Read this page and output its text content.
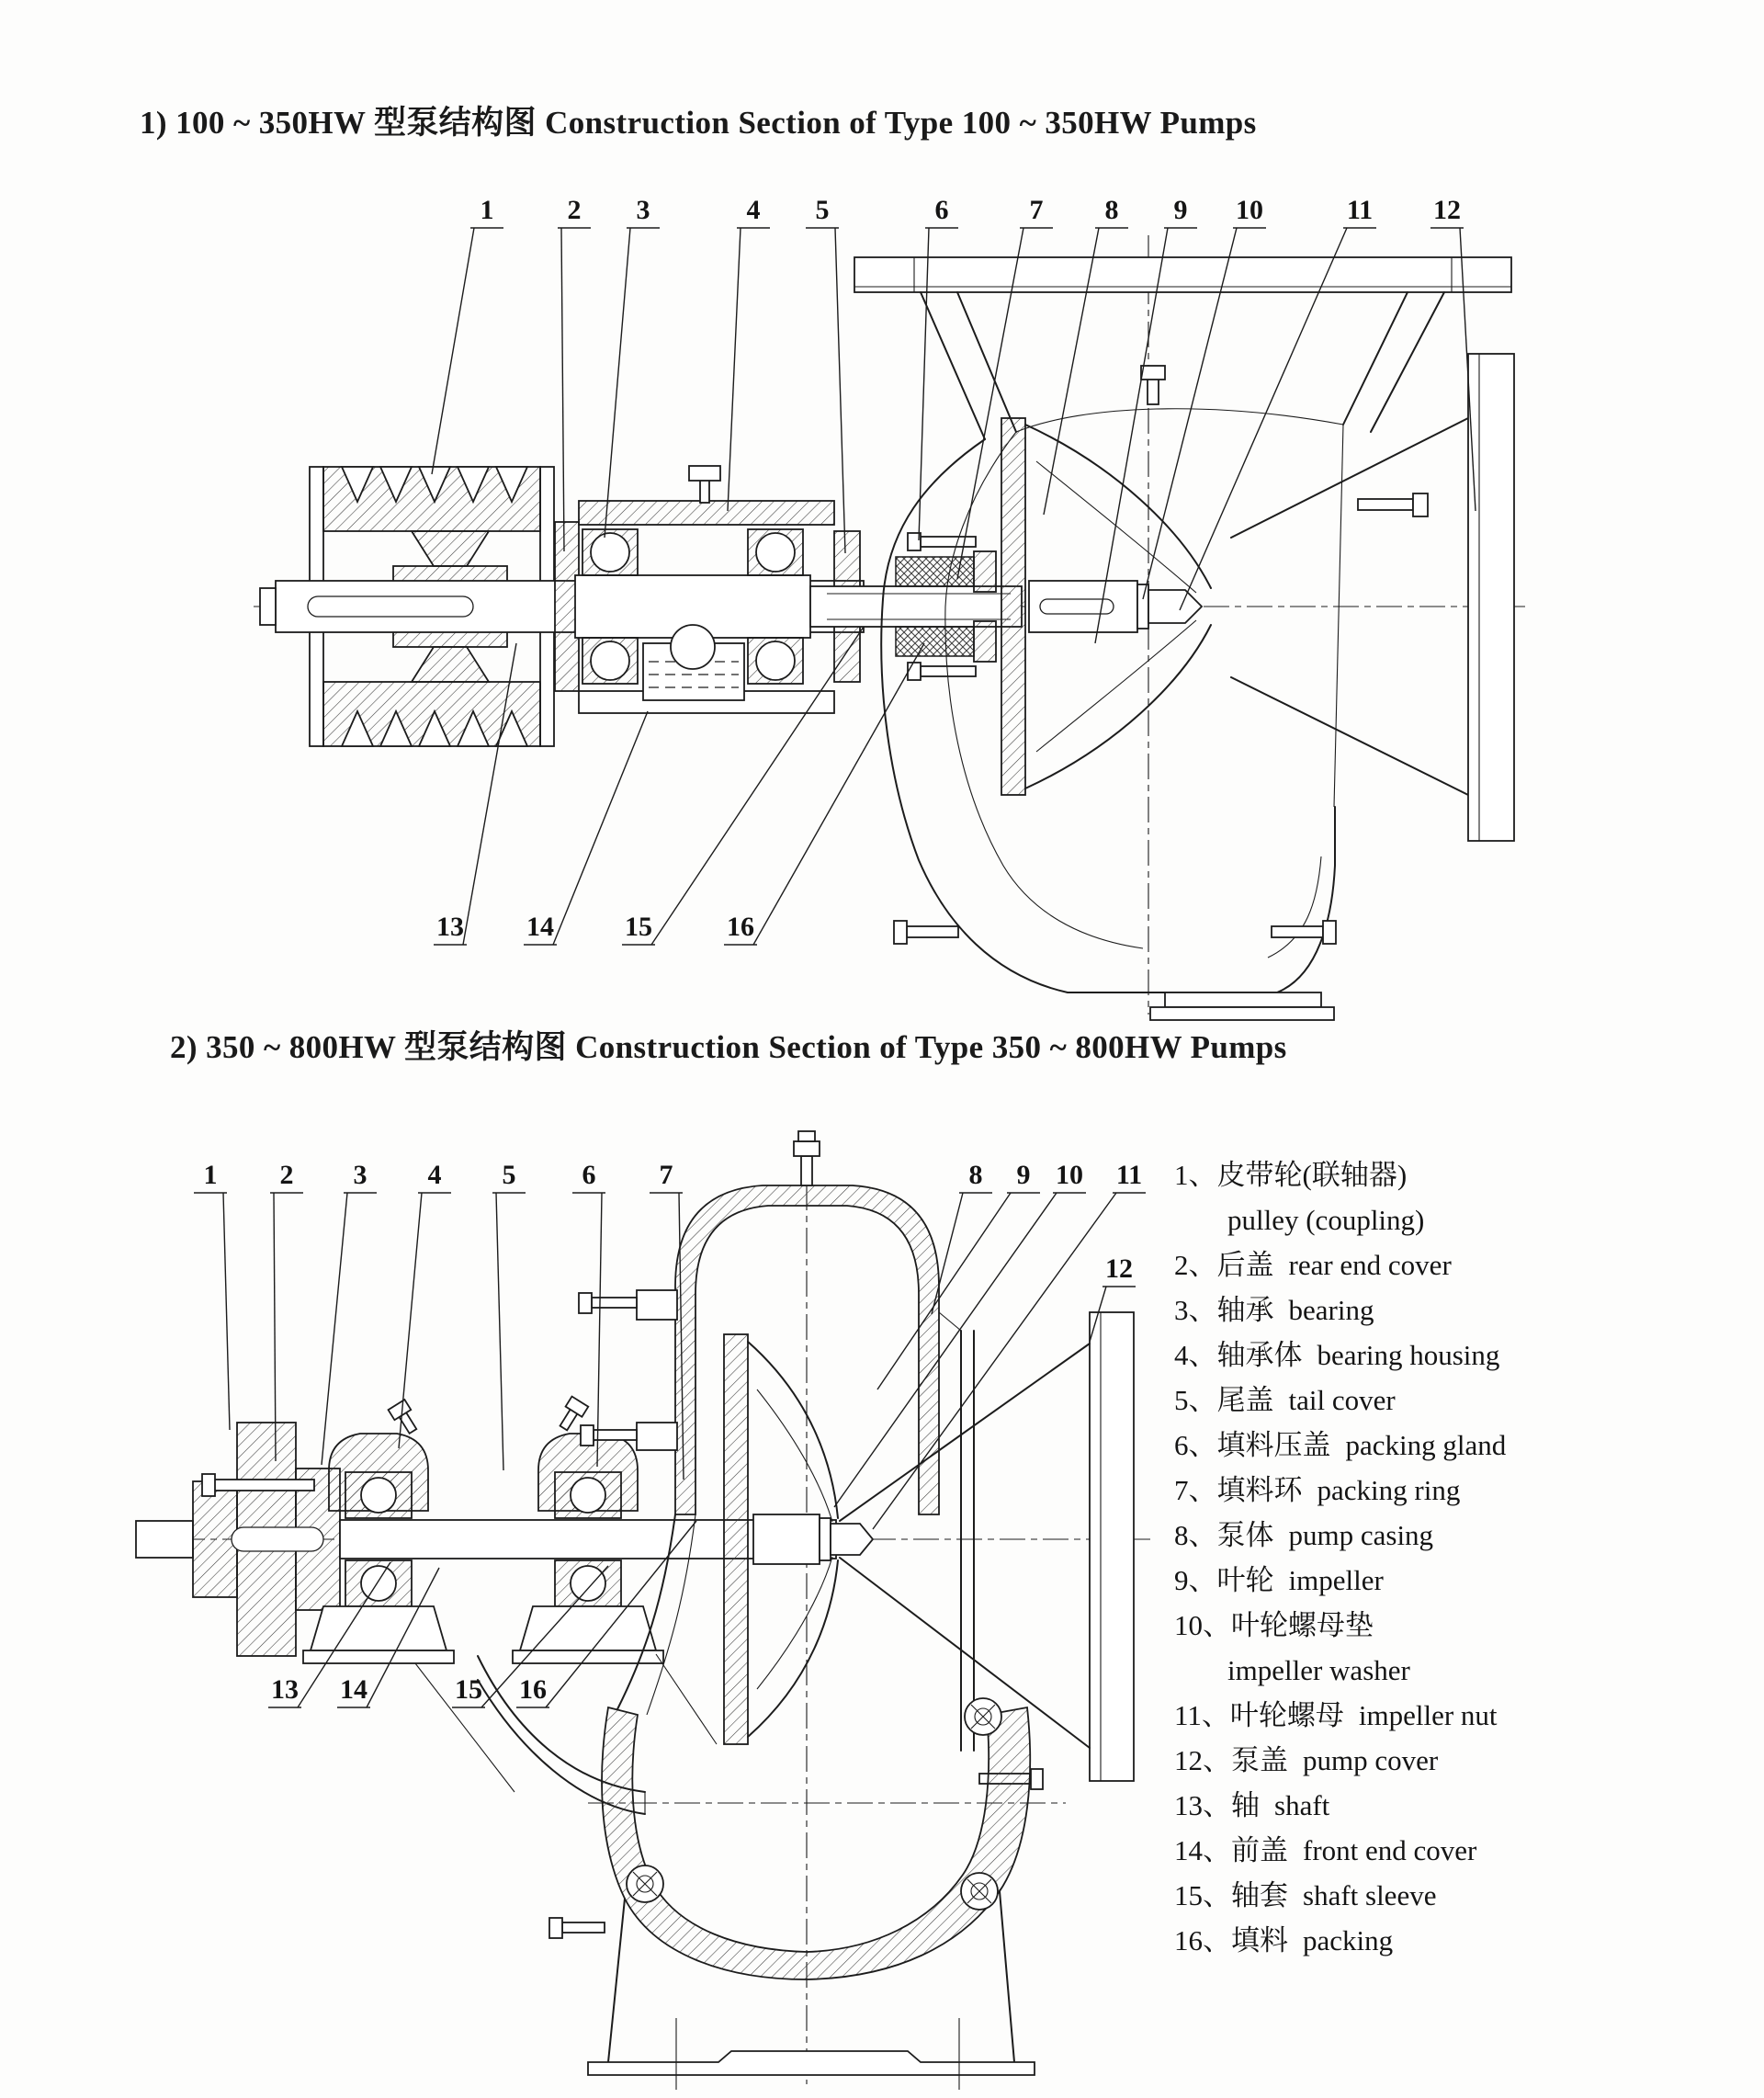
1	2 3	4 5	6	7 8 9 10	11 12
13 14	15	16
1 2 3 4 5 6 7	8 9 10 11
12
13 14	15 16
1) 100 ~ 350HW 型泵结构图 Construction Section of Type 100 ~ 350HW Pumps
2) 350 ~ 800HW 型泵结构图 Construction Section of Type 350 ~ 800HW Pumps
1、皮带轮(联轴器)
pulley (coupling)
2、后盖 rear end cover
3、轴承 bearing
4、轴承体 bearing housing
5、尾盖 tail cover
6、填料压盖 packing gland
7、填料环 packing ring
8、泵体 pump casing
9、叶轮 impeller
10、叶轮螺母垫
impeller washer
11、叶轮螺母 impeller nut
12、泵盖 pump cover
13、轴 shaft
14、前盖 front end cover
15、轴套 shaft sleeve
16、填料 packing
